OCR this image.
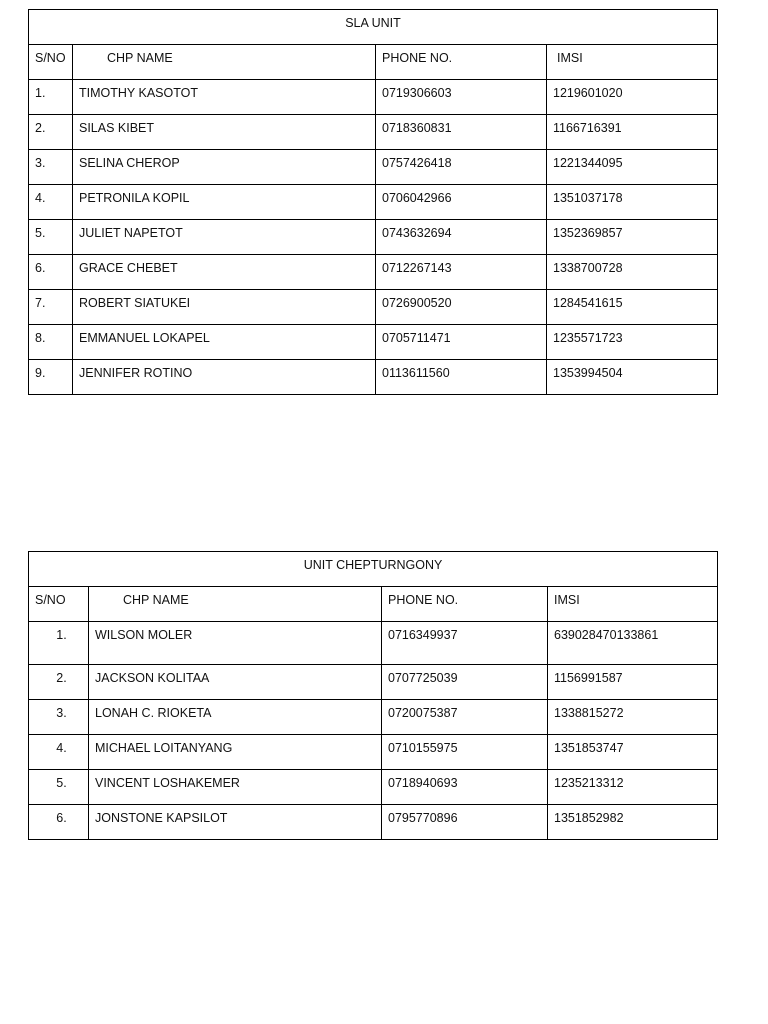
SLA UNIT			
S/NO	CHP NAME	PHONE NO.	IMSI
1.	TIMOTHY KASOTOT	0719306603	1219601020
2.	SILAS KIBET	0718360831	1166716391
3.	SELINA CHEROP	0757426418	1221344095
4.	PETRONILA KOPIL	0706042966	1351037178
5.	JULIET NAPETOT	0743632694	1352369857
6.	GRACE CHEBET	0712267143	1338700728
7.	ROBERT SIATUKEI	0726900520	1284541615
8.	EMMANUEL LOKAPEL	0705711471	1235571723
9.	JENNIFER ROTINO	0113611560	1353994504
UNIT CHEPTURNGONY			
S/NO	CHP NAME	PHONE NO.	IMSI
1.	WILSON MOLER	0716349937	639028470133861
2.	JACKSON KOLITAA	0707725039	1156991587
3.	LONAH C. RIOKETA	0720075387	1338815272
4.	MICHAEL LOITANYANG	0710155975	1351853747
5.	VINCENT LOSHAKEMER	0718940693	1235213312
6.	JONSTONE KAPSILOT	0795770896	1351852982
